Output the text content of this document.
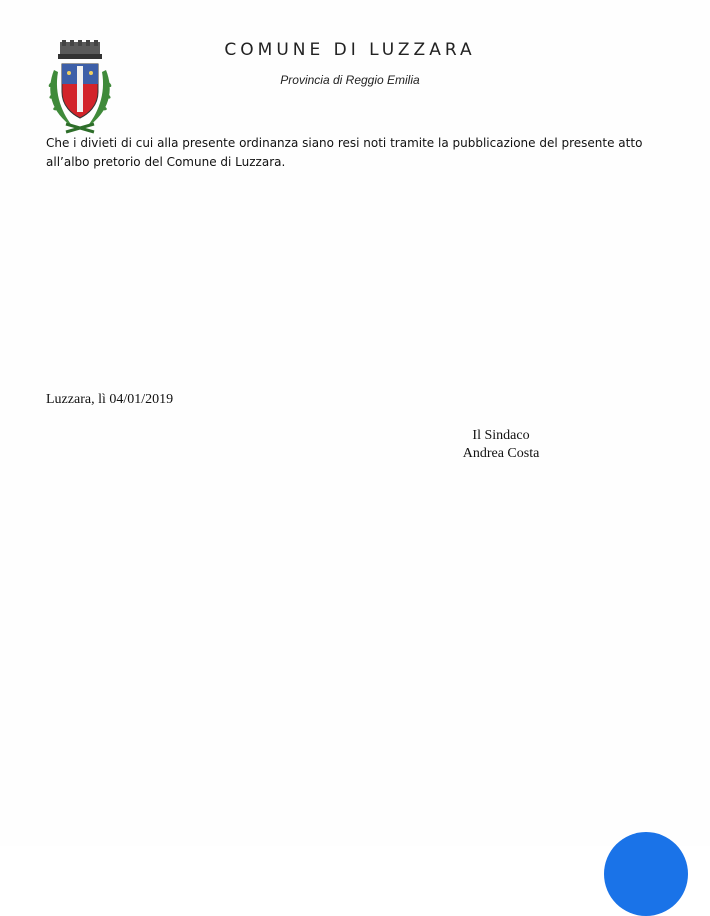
COMUNE DI LUZZARA
Provincia di Reggio Emilia
Che i divieti di cui alla presente ordinanza siano resi noti tramite la pubblicazione del presente atto all’albo pretorio del Comune di Luzzara.
Luzzara, lì 04/01/2019
Il Sindaco
Andrea Costa
